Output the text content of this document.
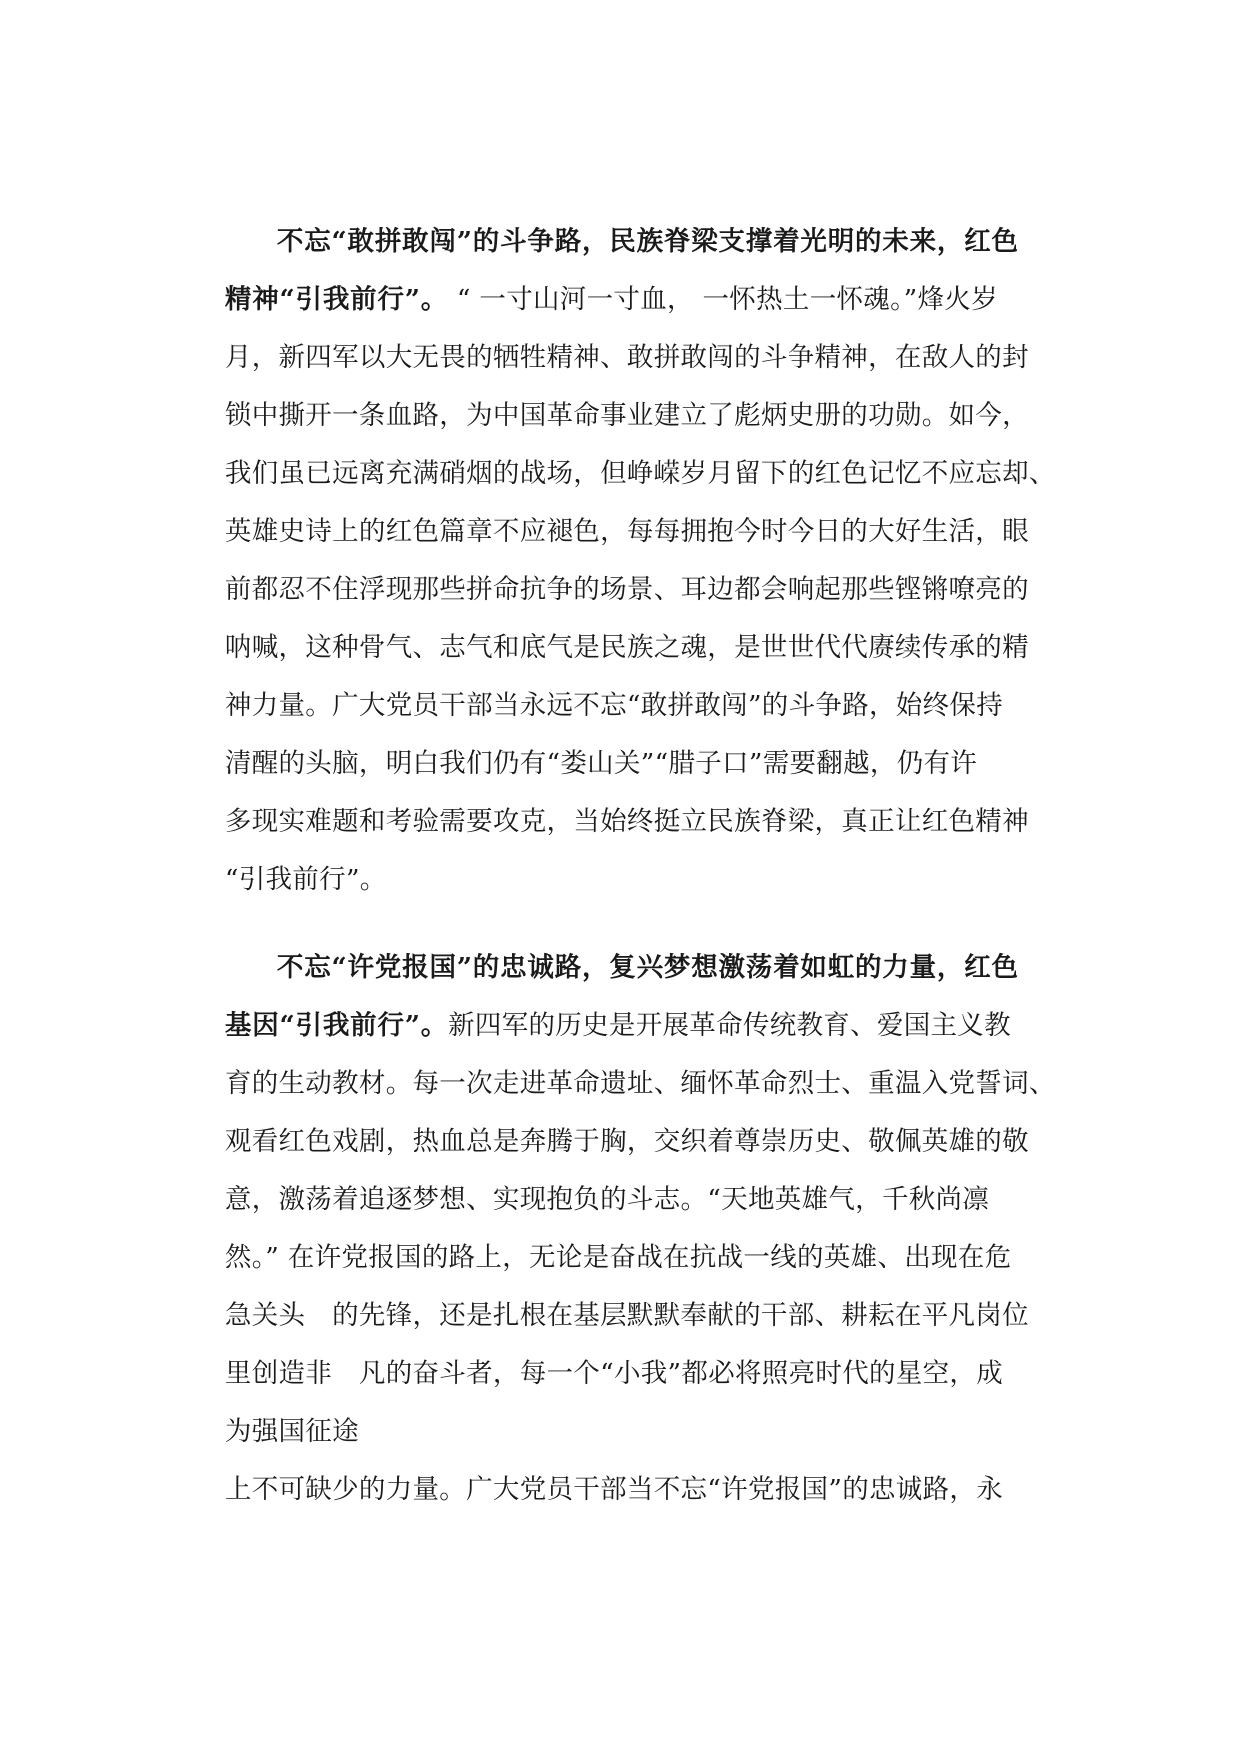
不忘“敢拼敢闯”的斗争路，民族脊梁支撑着光明的未来，红色

精神“引我前行”。 “ 一寸山河一寸血， 一怀热土一怀魂。”烽火岁

月，新四军以大无畏的牺牲精神、敢拼敢闯的斗争精神，在敌人的封

锁中撕开一条血路，为中国革命事业建立了彪炳史册的功勋。如今，

我们虽已远离充满硝烟的战场，但峥嵘岁月留下的红色记忆不应忘却、

英雄史诗上的红色篇章不应褪色，每每拥抱今时今日的大好生活，眼

前都忍不住浮现那些拼命抗争的场景、耳边都会响起那些铿锵嘹亮的

呐喊，这种骨气、志气和底气是民族之魂，是世世代代赓续传承的精

神力量。广大党员干部当永远不忘“敢拼敢闯”的斗争路，始终保持

清醒的头脑，明白我们仍有“娄山关”“腊子口”需要翻越，仍有许

多现实难题和考验需要攻克，当始终挺立民族脊梁，真正让红色精神

“引我前行”。

不忘“许党报国”的忠诚路，复兴梦想激荡着如虹的力量，红色

基因“引我前行”。新四军的历史是开展革命传统教育、爱国主义教

育的生动教材。每一次走进革命遗址、缅怀革命烈士、重温入党誓词、

观看红色戏剧，热血总是奔腾于胸，交织着尊崇历史、敬佩英雄的敬

意，激荡着追逐梦想、实现抱负的斗志。“天地英雄气，千秋尚凛

然。” 在许党报国的路上，无论是奋战在抗战一线的英雄、出现在危

急关头　的先锋，还是扎根在基层默默奉献的干部、耕耘在平凡岗位

里创造非　凡的奋斗者，每一个“小我”都必将照亮时代的星空，成

为强国征途

上不可缺少的力量。广大党员干部当不忘“许党报国”的忠诚路，永
